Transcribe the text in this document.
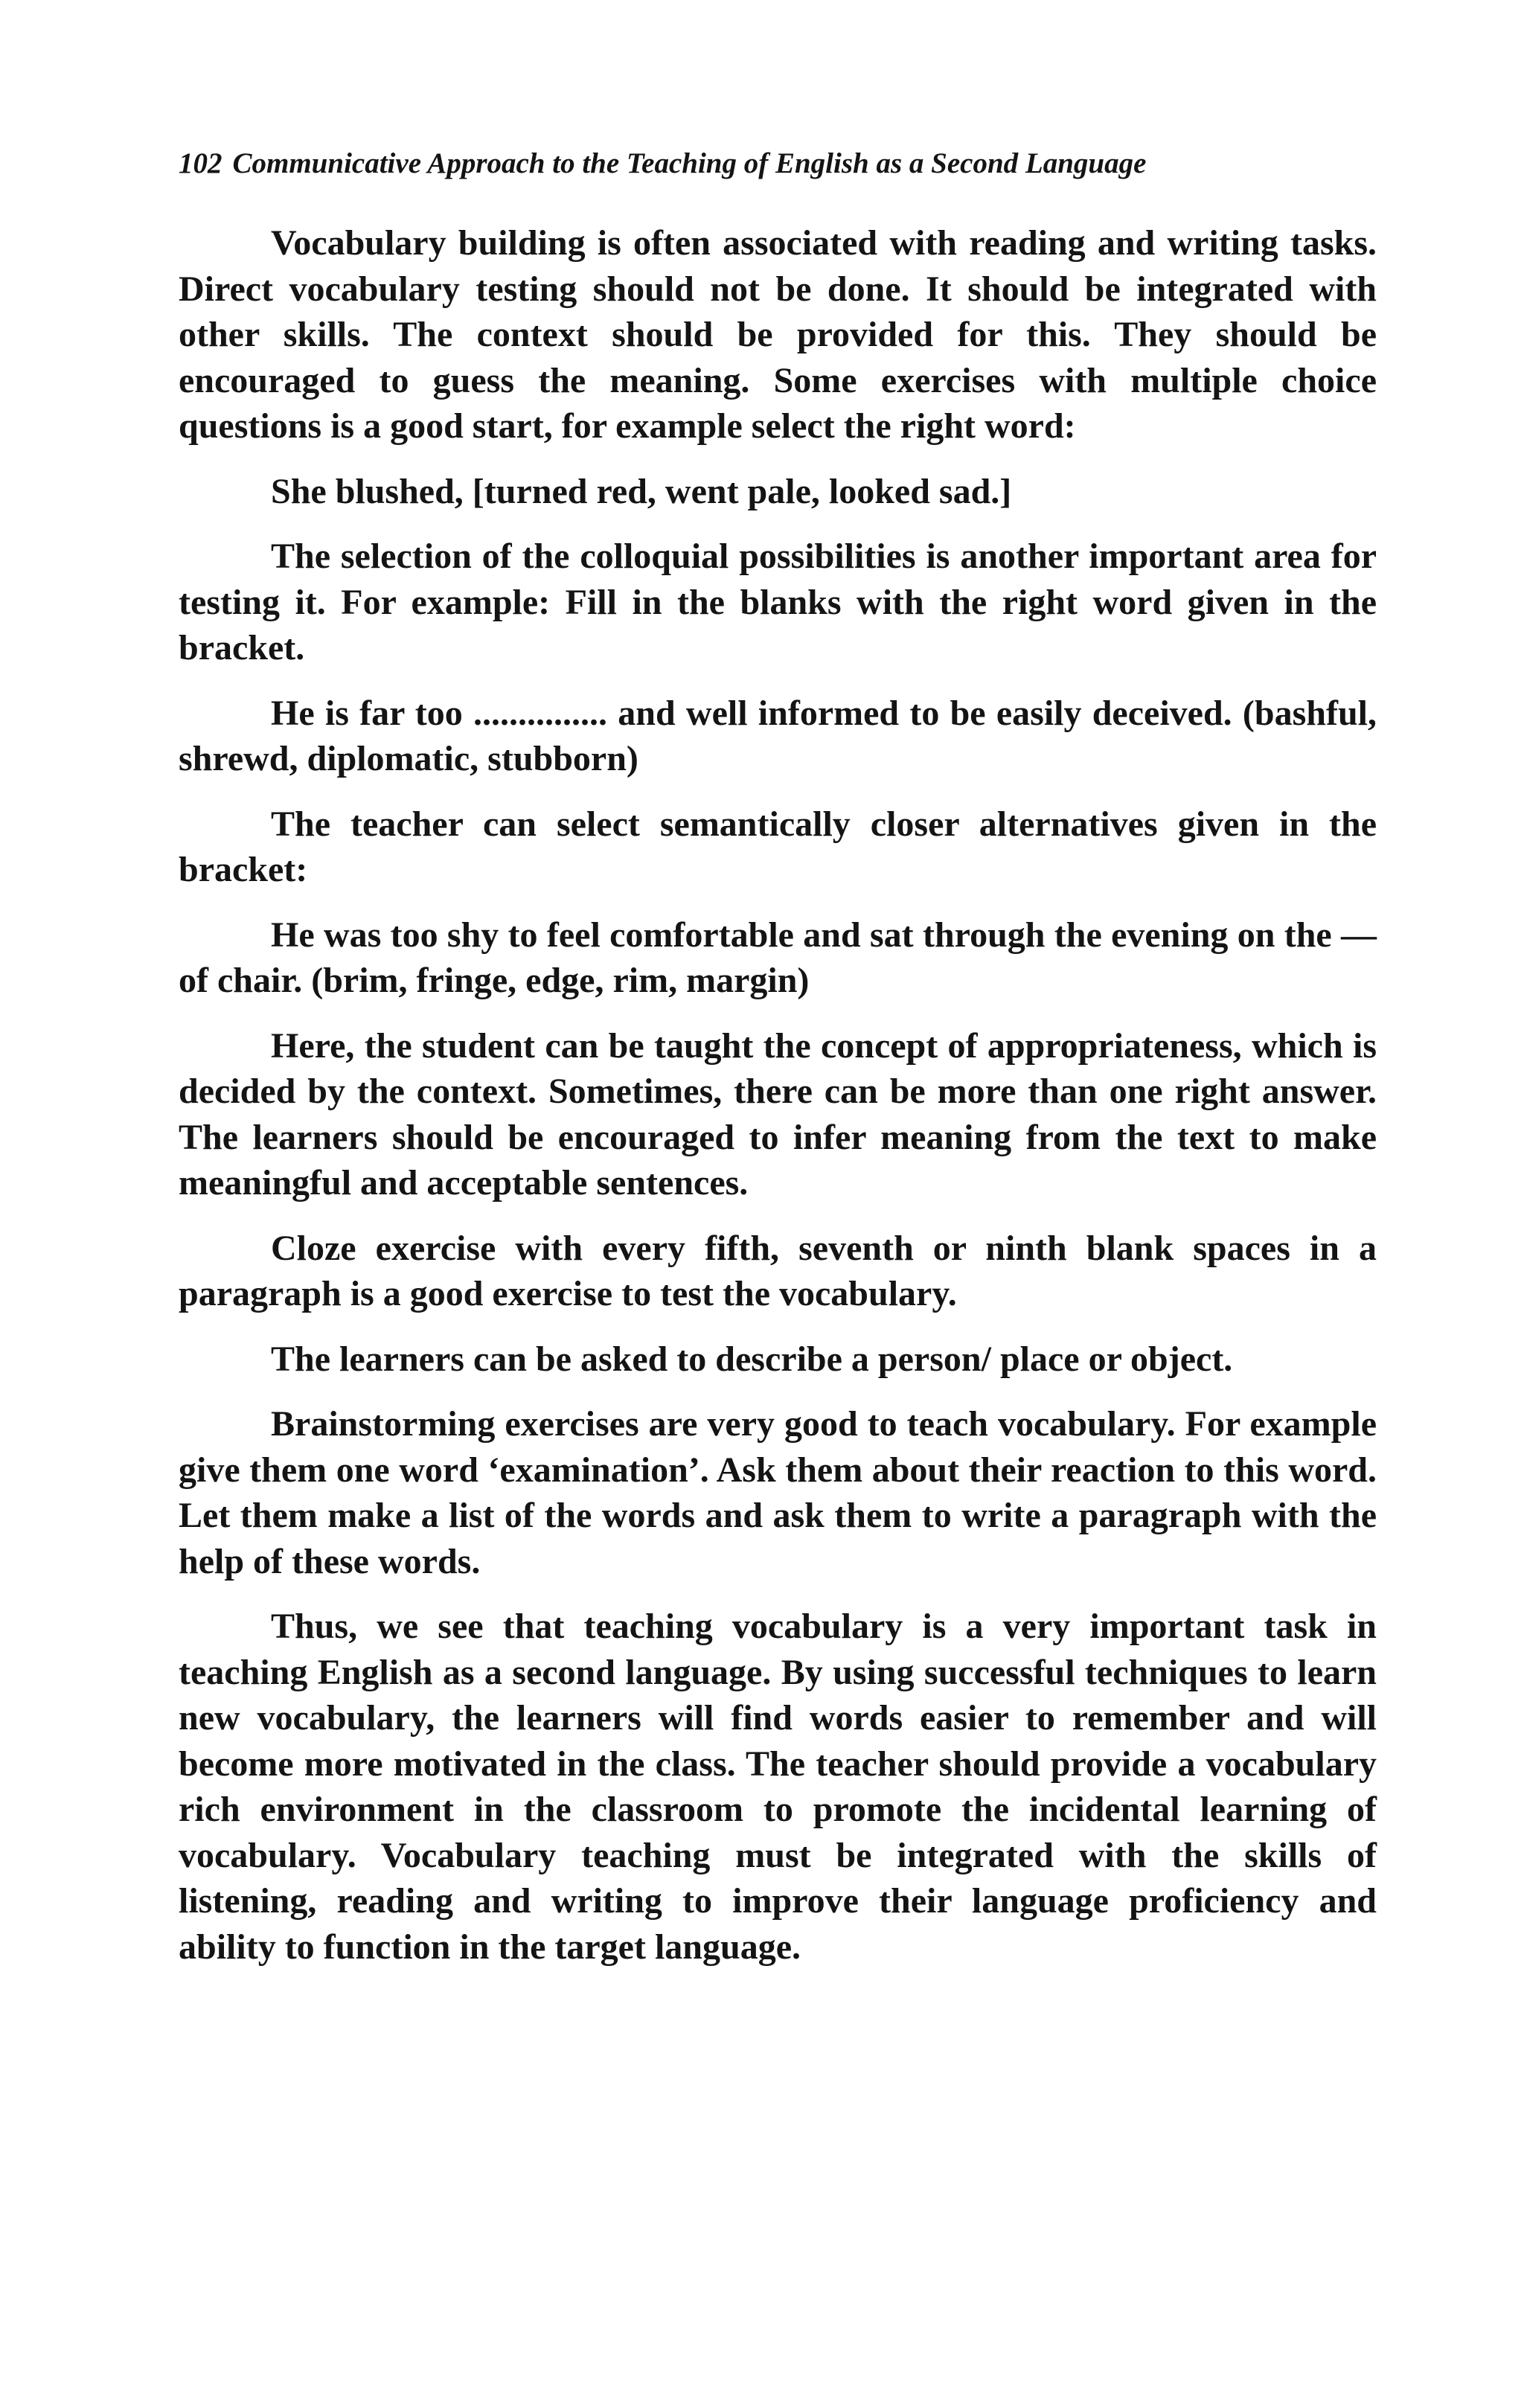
102 Communicative Approach to the Teaching of English as a Second Language

Vocabulary building is often associated with reading and writing tasks. Direct vocabulary testing should not be done. It should be integrated with other skills. The context should be provided for this. They should be encouraged to guess the meaning. Some exercises with multiple choice questions is a good start, for example select the right word:

She blushed, [turned red, went pale, looked sad.]

The selection of the colloquial possibilities is another important area for testing it. For example: Fill in the blanks with the right word given in the bracket.

He is far too ............... and well informed to be easily deceived. (bashful, shrewd, diplomatic, stubborn)

The teacher can select semantically closer alternatives given in the bracket:

He was too shy to feel comfortable and sat through the evening on the — of chair. (brim, fringe, edge, rim, margin)

Here, the student can be taught the concept of appropriateness, which is decided by the context. Sometimes, there can be more than one right answer. The learners should be encouraged to infer meaning from the text to make meaningful and acceptable sentences.

Cloze exercise with every fifth, seventh or ninth blank spaces in a paragraph is a good exercise to test the vocabulary.

The learners can be asked to describe a person/ place or object.

Brainstorming exercises are very good to teach vocabulary. For example give them one word ‘examination’. Ask them about their reaction to this word. Let them make a list of the words and ask them to write a paragraph with the help of these words.

Thus, we see that teaching vocabulary is a very important task in teaching English as a second language. By using successful techniques to learn new vocabulary, the learners will find words easier to remember and will become more motivated in the class. The teacher should provide a vocabulary rich environment in the classroom to promote the incidental learning of vocabulary. Vocabulary teaching must be integrated with the skills of listening, reading and writing to improve their language proficiency and ability to function in the target language.
